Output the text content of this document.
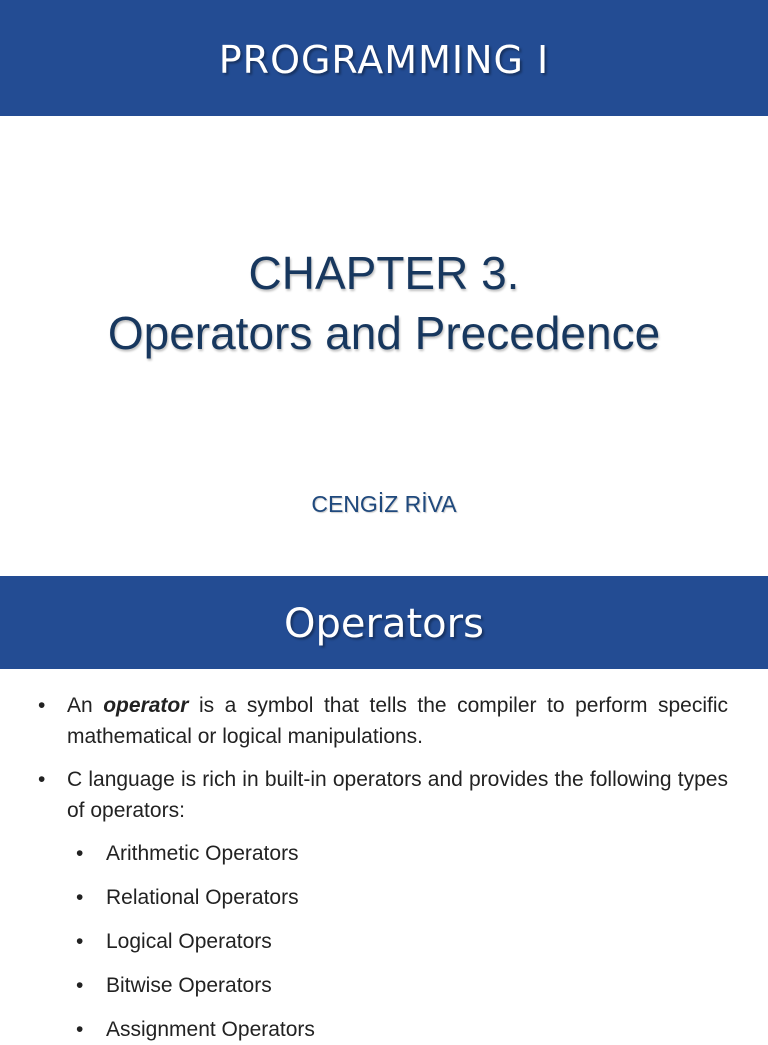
PROGRAMMING I
CHAPTER 3.
Operators and Precedence
CENGİZ RİVA
Operators
• An operator is a symbol that tells the compiler to perform specific mathematical or logical manipulations.
• C language is rich in built-in operators and provides the following types of operators:
• Arithmetic Operators
• Relational Operators
• Logical Operators
• Bitwise Operators
• Assignment Operators
